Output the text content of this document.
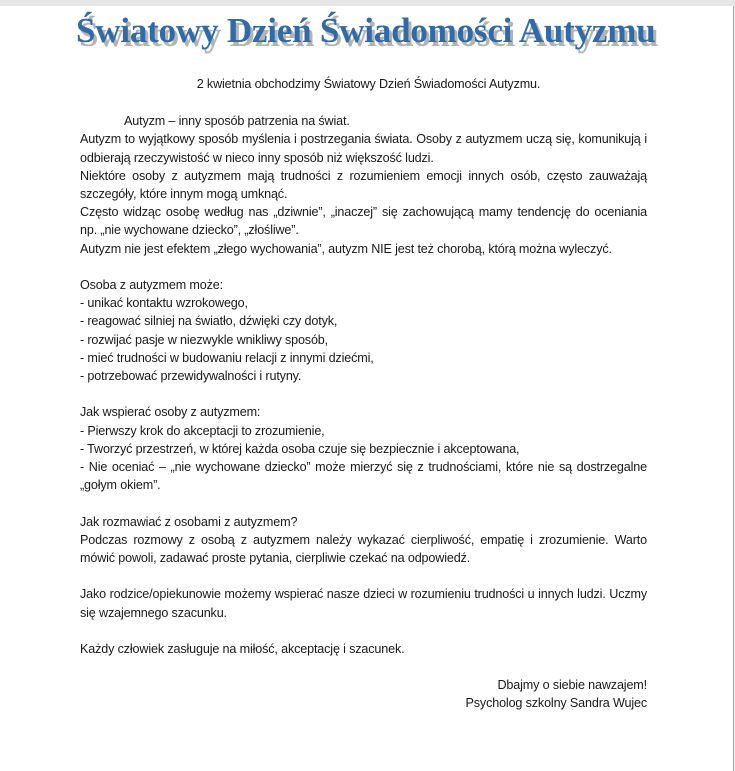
Światowy Dzień Świadomości Autyzmu
2 kwietnia obchodzimy Światowy Dzień Świadomości Autyzmu.
Autyzm – inny sposób patrzenia na świat.
Autyzm to wyjątkowy sposób myślenia i postrzegania świata. Osoby z autyzmem uczą się, komunikują i odbierają rzeczywistość w nieco inny sposób niż większość ludzi.
Niektóre osoby z autyzmem mają trudności z rozumieniem emocji innych osób, często zauważają szczegóły, które innym mogą umknąć.
Często widząc osobę według nas „dziwnie”, „inaczej” się zachowującą mamy tendencję do oceniania np. „nie wychowane dziecko”, „złośliwe”.
Autyzm nie jest efektem „złego wychowania”, autyzm NIE jest też chorobą, którą można wyleczyć.
Osoba z autyzmem może:
- unikać kontaktu wzrokowego,
- reagować silniej na światło, dźwięki czy dotyk,
- rozwijać pasje w niezwykle wnikliwy sposób,
- mieć trudności w budowaniu relacji z innymi dziećmi,
- potrzebować przewidywalności i rutyny.
Jak wspierać osoby z autyzmem:
- Pierwszy krok do akceptacji to zrozumienie,
- Tworzyć przestrzeń, w której każda osoba czuje się bezpiecznie i akceptowana,
- Nie oceniać – „nie wychowane dziecko” może mierzyć się z trudnościami, które nie są dostrzegalne „gołym okiem”.
Jak rozmawiać z osobami z autyzmem?
Podczas rozmowy z osobą z autyzmem należy wykazać cierpliwość, empatię i zrozumienie. Warto mówić powoli, zadawać proste pytania, cierpliwie czekać na odpowiedź.
Jako rodzice/opiekunowie możemy wspierać nasze dzieci w rozumieniu trudności u innych ludzi. Uczmy się wzajemnego szacunku.
Każdy człowiek zasługuje na miłość, akceptację i szacunek.
Dbajmy o siebie nawzajem!
Psycholog szkolny Sandra Wujec
